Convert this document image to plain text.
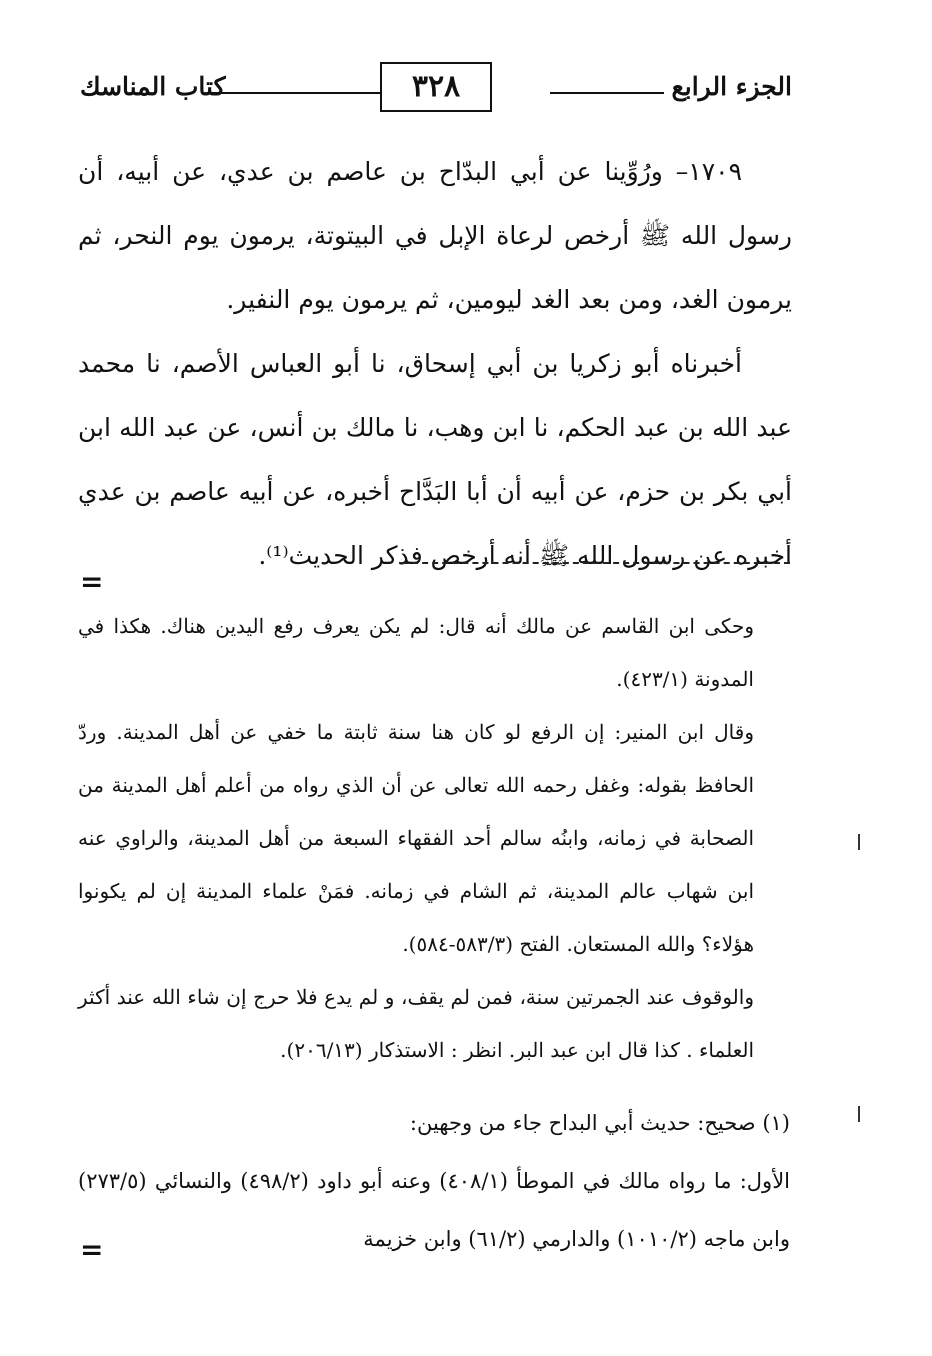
الجزء الرابع
٣٢٨
كتاب المناسك

١٧٠٩– ورُوِّينا عن أبي البدّاح بن عاصم بن عدي، عن أبيه، أن رسول الله ﷺ أرخص لرعاة الإبل في البيتوتة، يرمون يوم النحر، ثم يرمون الغد، ومن بعد الغد ليومين، ثم يرمون يوم النفير.

أخبرناه أبو زكريا بن أبي إسحاق، نا أبو العباس الأصم، نا محمد عبد الله بن عبد الحكم، نا ابن وهب، نا مالك بن أنس، عن عبد الله ابن أبي بكر بن حزم، عن أبيه أن أبا البَدَّاح أخبره، عن أبيه عاصم بن عدي أخبره عن رسول الله ﷺ أنه أرخص فذكر الحديث⁽¹⁾.

=

وحكى ابن القاسم عن مالك أنه قال: لم يكن يعرف رفع اليدين هناك. هكذا في المدونة (٤٢٣/١).

وقال ابن المنير: إن الرفع لو كان هنا سنة ثابتة ما خفي عن أهل المدينة. وردّ الحافظ بقوله: وغفل رحمه الله تعالى عن أن الذي رواه من أعلم أهل المدينة من الصحابة في زمانه، وابنُه سالم أحد الفقهاء السبعة من أهل المدينة، والراوي عنه ابن شهاب عالم المدينة، ثم الشام في زمانه. فمَنْ علماء المدينة إن لم يكونوا هؤلاء؟ والله المستعان. الفتح (٥٨٣/٣-٥٨٤).

والوقوف عند الجمرتين سنة، فمن لم يقف، و لم يدع فلا حرج إن شاء الله عند أكثر العلماء . كذا قال ابن عبد البر. انظر : الاستذكار (٢٠٦/١٣).

(١) صحيح: حديث أبي البداح جاء من وجهين:

الأول: ما رواه مالك في الموطأ (٤٠٨/١) وعنه أبو داود (٤٩٨/٢) والنسائي (٢٧٣/٥) وابن ماجه (١٠١٠/٢) والدارمي (٦١/٢) وابن خزيمة

=
